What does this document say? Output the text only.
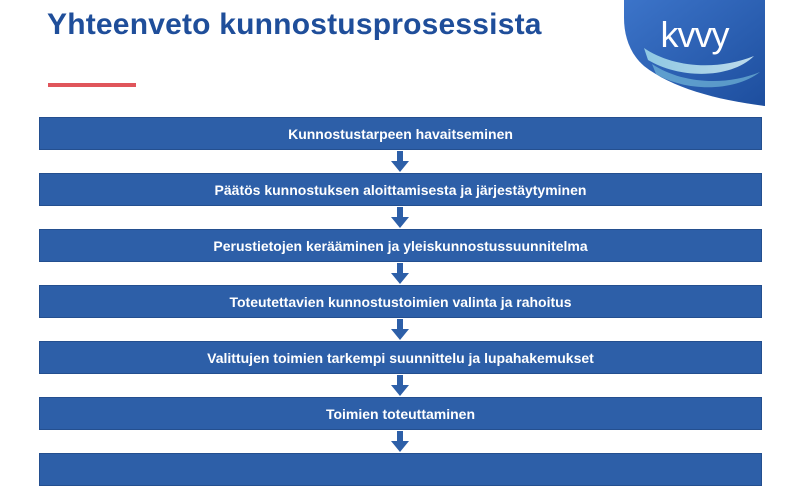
Yhteenveto kunnostusprosessista	kvvy
Kunnostustarpeen havaitseminen
Päätös kunnostuksen aloittamisesta ja järjestäytyminen
Perustietojen kerääminen ja yleiskunnostussuunnitelma
Toteutettavien kunnostustoimien valinta ja rahoitus
Valittujen toimien tarkempi suunnittelu ja lupahakemukset
Toimien toteuttaminen
